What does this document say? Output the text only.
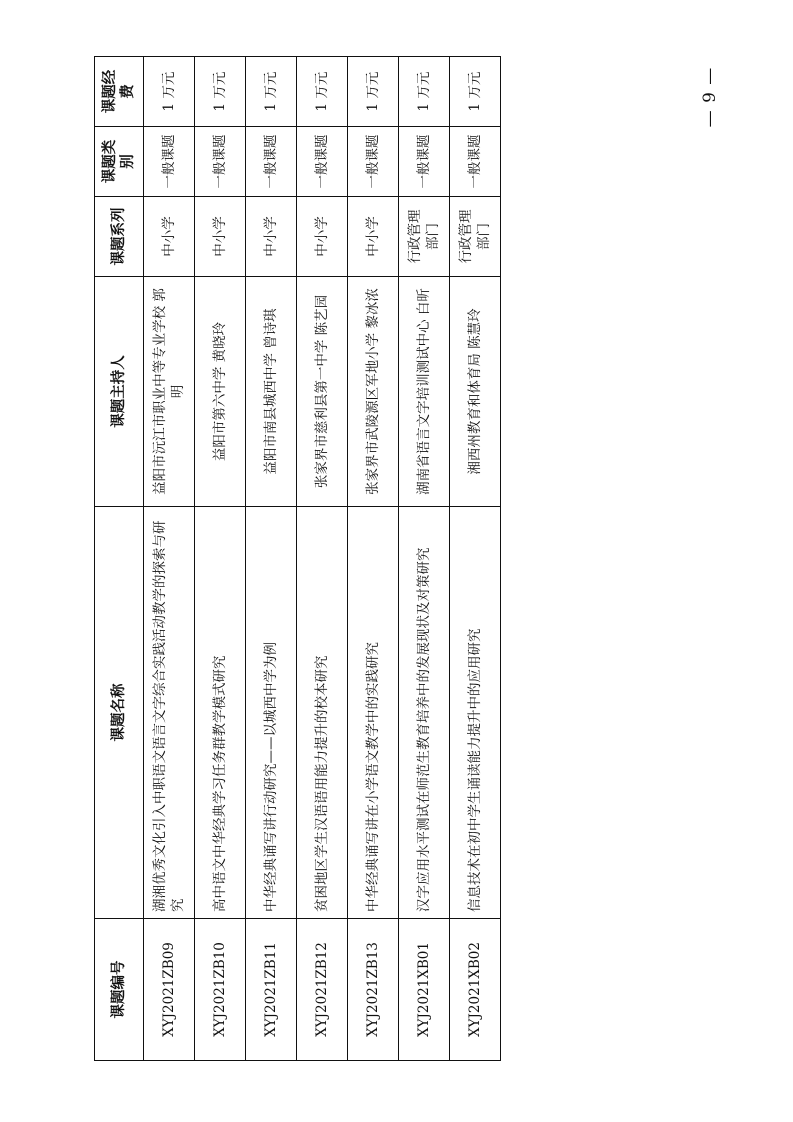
课题编号	课题名称	课题主持人	课题系列	课题类别	课题经费
XYJ2021ZB09	湖湘优秀文化引入中职语文语言文字综合实践活动教学的探索与研究	益阳市沅江市职业中等专业学校 郭明	中小学	一般课题	1 万元
XYJ2021ZB10	高中语文中华经典学习任务群教学模式研究	益阳市第六中学 黄晓玲	中小学	一般课题	1 万元
XYJ2021ZB11	中华经典诵写讲行动研究——以城西中学为例	益阳市南县城西中学 曾诗琪	中小学	一般课题	1 万元
XYJ2021ZB12	贫困地区学生汉语语用能力提升的校本研究	张家界市慈利县第一中学 陈艺园	中小学	一般课题	1 万元
XYJ2021ZB13	中华经典诵写讲在小学语文教学中的实践研究	张家界市武陵源区军地小学 黎冰浓	中小学	一般课题	1 万元
XYJ2021XB01	汉字应用水平测试在师范生教育培养中的发展现状及对策研究	湖南省语言文字培训测试中心 白昕	行政管理部门	一般课题	1 万元
XYJ2021XB02	信息技术在初中学生诵读能力提升中的应用研究	湘西州教育和体育局 陈慧玲	行政管理部门	一般课题	1 万元	— 9 —
